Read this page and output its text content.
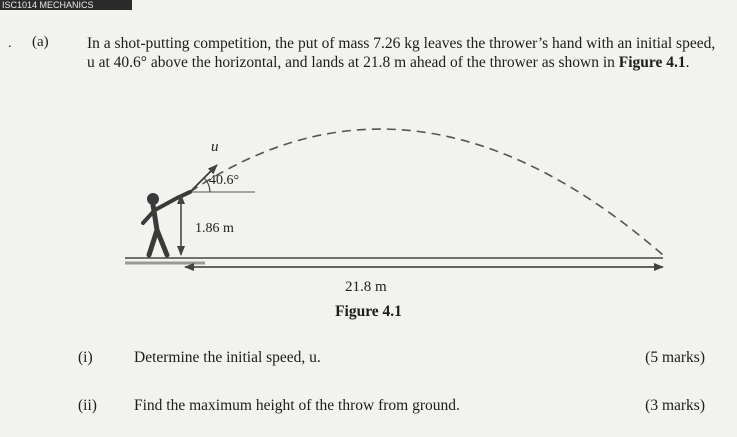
ISC1014 MECHANICS
. (a) In a shot-putting competition, the put of mass 7.26 kg leaves the thrower’s hand with an initial speed, u at 40.6° above the horizontal, and lands at 21.8 m ahead of the thrower as shown in Figure 4.1.
u
40.6°
1.86 m
21.8 m
Figure 4.1
(i)	Determine the initial speed, u.	(5 marks)
(ii) Find the maximum height of the throw from ground.	(3 marks)
